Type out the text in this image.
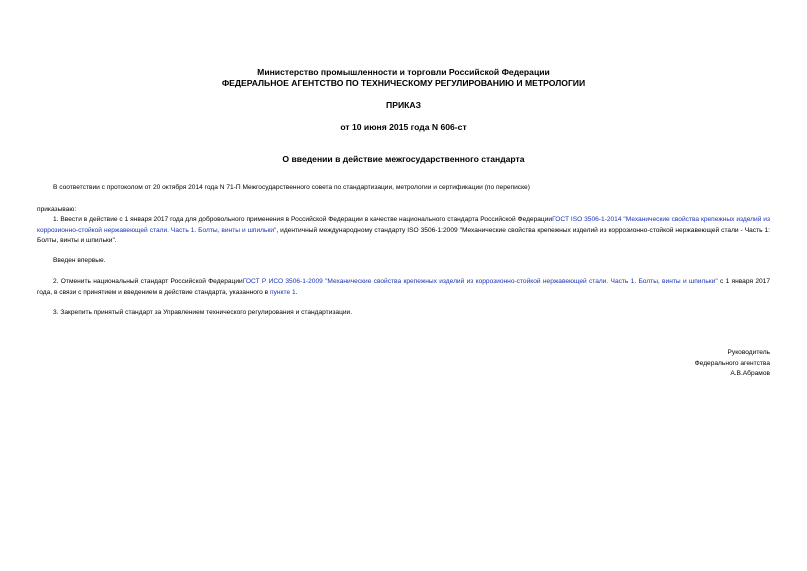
Министерство промышленности и торговли Российской Федерации
ФЕДЕРАЛЬНОЕ АГЕНТСТВО ПО ТЕХНИЧЕСКОМУ РЕГУЛИРОВАНИЮ И МЕТРОЛОГИИ
ПРИКАЗ
от 10 июня 2015 года N 606-ст
О введении в действие межгосударственного стандарта
В соответствии с протоколом от 20 октября 2014 года N 71-П Межгосударственного совета по стандартизации, метрологии и сертификации (по переписке)
приказываю:
1. Ввести в действие с 1 января 2017 года для добровольного применения в Российской Федерации в качестве национального стандарта Российской ФедерацииГОСТ ISO 3506-1-2014 "Механические свойства крепежных изделий из коррозионно-стойкой нержавеющей стали. Часть 1. Болты, винты и шпильки", идентичный международному стандарту ISO 3506-1:2009 "Механические свойства крепежных изделий из коррозионно-стойкой нержавеющей стали - Часть 1: Болты, винты и шпильки".
Введен впервые.
2. Отменить национальный стандарт Российской ФедерацииГОСТ Р ИСО 3506-1-2009 "Механические свойства крепежных изделий из коррозионно-стойкой нержавеющей стали. Часть 1. Болты, винты и шпильки" с 1 января 2017 года, в связи с принятием и введением в действие стандарта, указанного в пункте 1.
3. Закрепить принятый стандарт за Управлением технического регулирования и стандартизации.
Руководитель
Федерального агентства
А.В.Абрамов
